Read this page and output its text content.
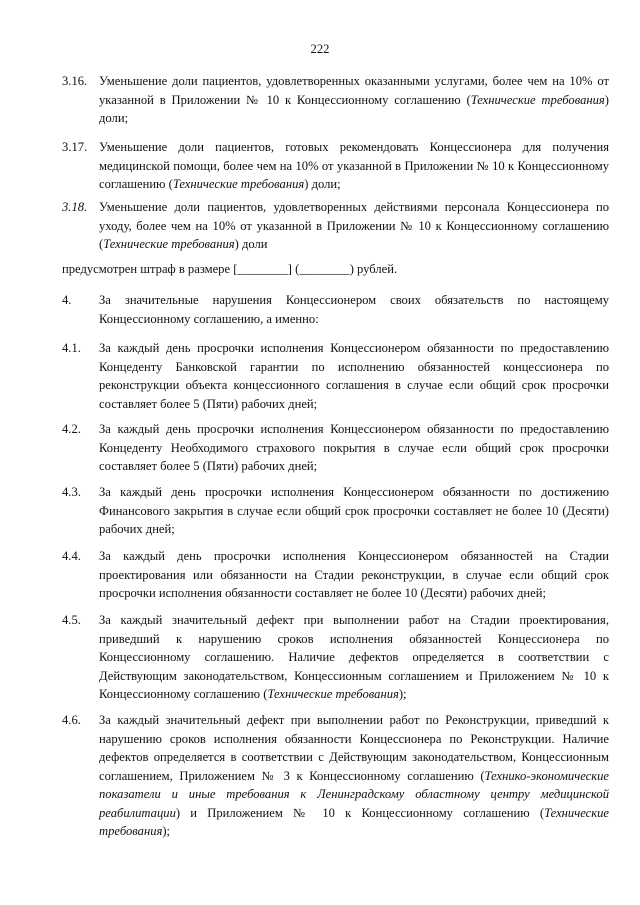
222

3.16. Уменьшение доли пациентов, удовлетворенных оказанными услугами, более чем на 10% от указанной в Приложении № 10 к Концессионному соглашению (Технические требования) доли;
3.17. Уменьшение доли пациентов, готовых рекомендовать Концессионера для получения медицинской помощи, более чем на 10% от указанной в Приложении № 10 к Концессионному соглашению (Технические требования) доли;
3.18. Уменьшение доли пациентов, удовлетворенных действиями персонала Концессионера по уходу, более чем на 10% от указанной в Приложении № 10 к Концессионному соглашению (Технические требования) доли

предусмотрен штраф в размере [________] (________) рублей.

4. За значительные нарушения Концессионером своих обязательств по настоящему Концессионному соглашению, а именно:
4.1. За каждый день просрочки исполнения Концессионером обязанности по предоставлению Концеденту Банковской гарантии по исполнению обязанностей концессионера по реконструкции объекта концессионного соглашения в случае если общий срок просрочки составляет более 5 (Пяти) рабочих дней;
4.2. За каждый день просрочки исполнения Концессионером обязанности по предоставлению Концеденту Необходимого страхового покрытия в случае если общий срок просрочки составляет более 5 (Пяти) рабочих дней;
4.3. За каждый день просрочки исполнения Концессионером обязанности по достижению Финансового закрытия в случае если общий срок просрочки составляет не более 10 (Десяти) рабочих дней;
4.4. За каждый день просрочки исполнения Концессионером обязанностей на Стадии проектирования или обязанности на Стадии реконструкции, в случае если общий срок просрочки исполнения обязанности составляет не более 10 (Десяти) рабочих дней;
4.5. За каждый значительный дефект при выполнении работ на Стадии проектирования, приведший к нарушению сроков исполнения обязанностей Концессионера по Концессионному соглашению. Наличие дефектов определяется в соответствии с Действующим законодательством, Концессионным соглашением и Приложением № 10 к Концессионному соглашению (Технические требования);
4.6. За каждый значительный дефект при выполнении работ по Реконструкции, приведший к нарушению сроков исполнения обязанности Концессионера по Реконструкции. Наличие дефектов определяется в соответствии с Действующим законодательством, Концессионным соглашением, Приложением № 3 к Концессионному соглашению (Технико-экономические показатели и иные требования к Ленинградскому областному центру медицинской реабилитации) и Приложением № 10 к Концессионному соглашению (Технические требования);
